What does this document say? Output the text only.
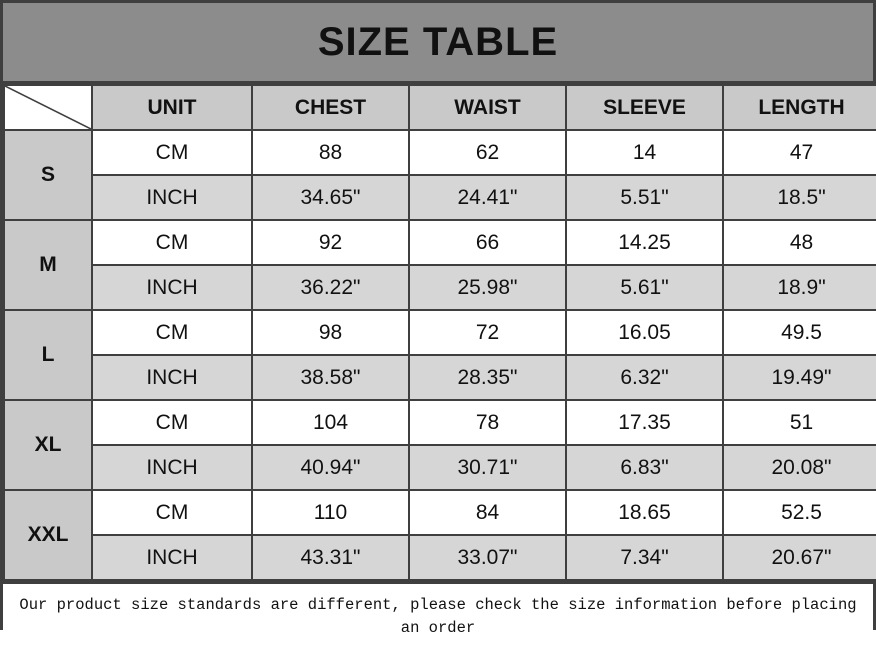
SIZE TABLE
	UNIT	CHEST	WAIST	SLEEVE	LENGTH
S	CM	88	62	14	47
	INCH	34.65"	24.41"	5.51"	18.5"
M	CM	92	66	14.25	48
	INCH	36.22"	25.98"	5.61"	18.9"
L	CM	98	72	16.05	49.5
	INCH	38.58"	28.35"	6.32"	19.49"
XL	CM	104	78	17.35	51
	INCH	40.94"	30.71"	6.83"	20.08"
XXL	CM	110	84	18.65	52.5
	INCH	43.31"	33.07"	7.34"	20.67"
Our product size standards are different, please check the size information before placing an order
